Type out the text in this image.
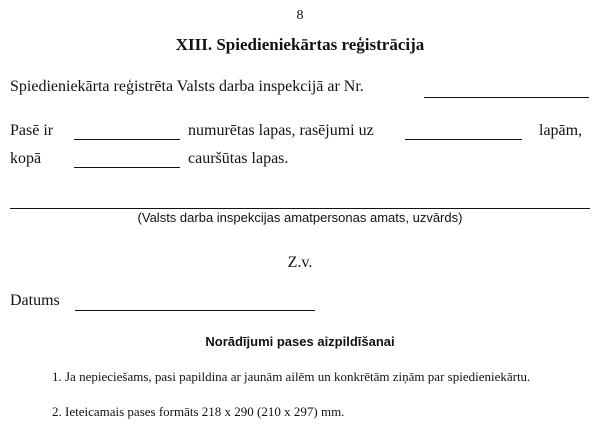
8
XIII. Spiedieniekārtas reģistrācija
Spiedieniekārta reģistrēta Valsts darba inspekcijā ar Nr.
Pasē ir	numurētas lapas, rasējumi uz	lapām,
kopā	cauršūtas lapas.
(Valsts darba inspekcijas amatpersonas amats, uzvārds)
Z.v.
Datums
Norādījumi pases aizpildīšanai
1. Ja nepieciešams, pasi papildina ar jaunām ailēm un konkrētām ziņām par spiedieniekārtu.
2. Ieteicamais pases formāts 218 x 290 (210 x 297) mm.
